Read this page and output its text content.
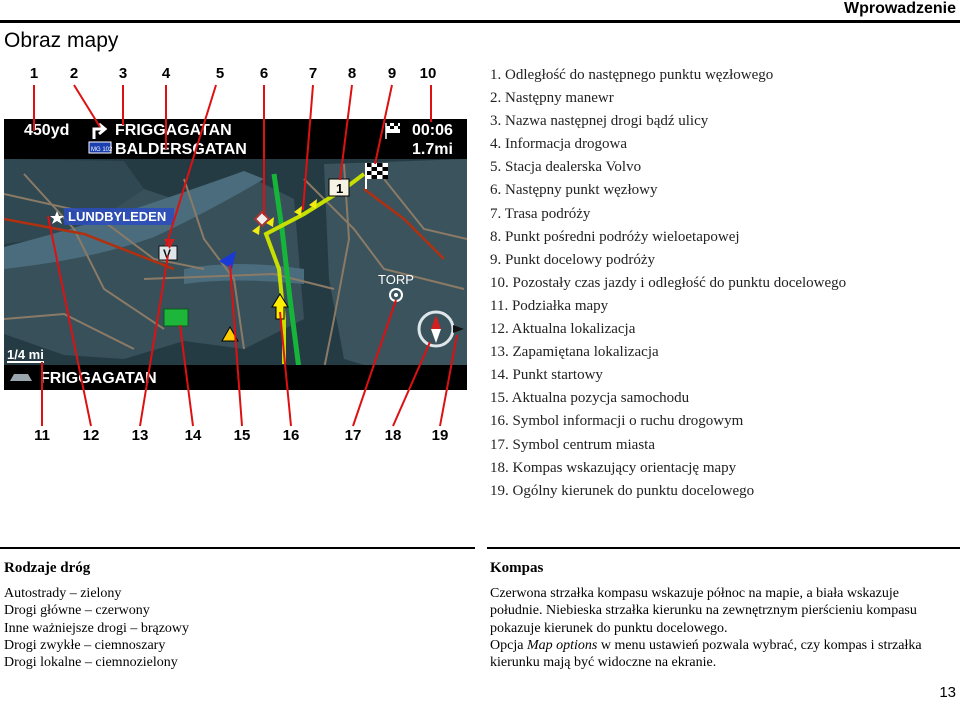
Wprowadzenie
Obraz mapy
1	2	3	4	5	6	7	8	9	10
11	12	13	14	15	16	17	18	19
450yd	FRIGGAGATAN
MG 102 BALDERSGATAN
00:06
1.7mi
LUNDBYLEDEN
V
1
TORP
1/4 mi
FRIGGAGATAN
1. Odległość do następnego punktu węzłowego
2. Następny manewr
3. Nazwa następnej drogi bądź ulicy
4. Informacja drogowa
5. Stacja dealerska Volvo
6. Następny punkt węzłowy
7. Trasa podróży
8. Punkt pośredni podróży wieloetapowej
9. Punkt docelowy podróży
10. Pozostały czas jazdy i odległość do punktu docelowego
11. Podziałka mapy
12. Aktualna lokalizacja
13. Zapamiętana lokalizacja
14. Punkt startowy
15. Aktualna pozycja samochodu
16. Symbol informacji o ruchu drogowym
17. Symbol centrum miasta
18. Kompas wskazujący orientację mapy
19. Ogólny kierunek do punktu docelowego
Rodzaje dróg

Autostrady – zielony

Drogi główne – czerwony

Inne ważniejsze drogi – brązowy

Drogi zwykłe – ciemnoszary

Drogi lokalne – ciemnozielony

Kompas

Czerwona strzałka kompasu wskazuje północ na mapie, a biała wskazuje południe. Niebieska strzałka kierunku na zewnętrznym pierścieniu kompasu pokazuje kierunek do punktu docelowego.

Opcja Map options w menu ustawień pozwala wybrać, czy kompas i strzałka kierunku mają być widoczne na ekranie.

13
